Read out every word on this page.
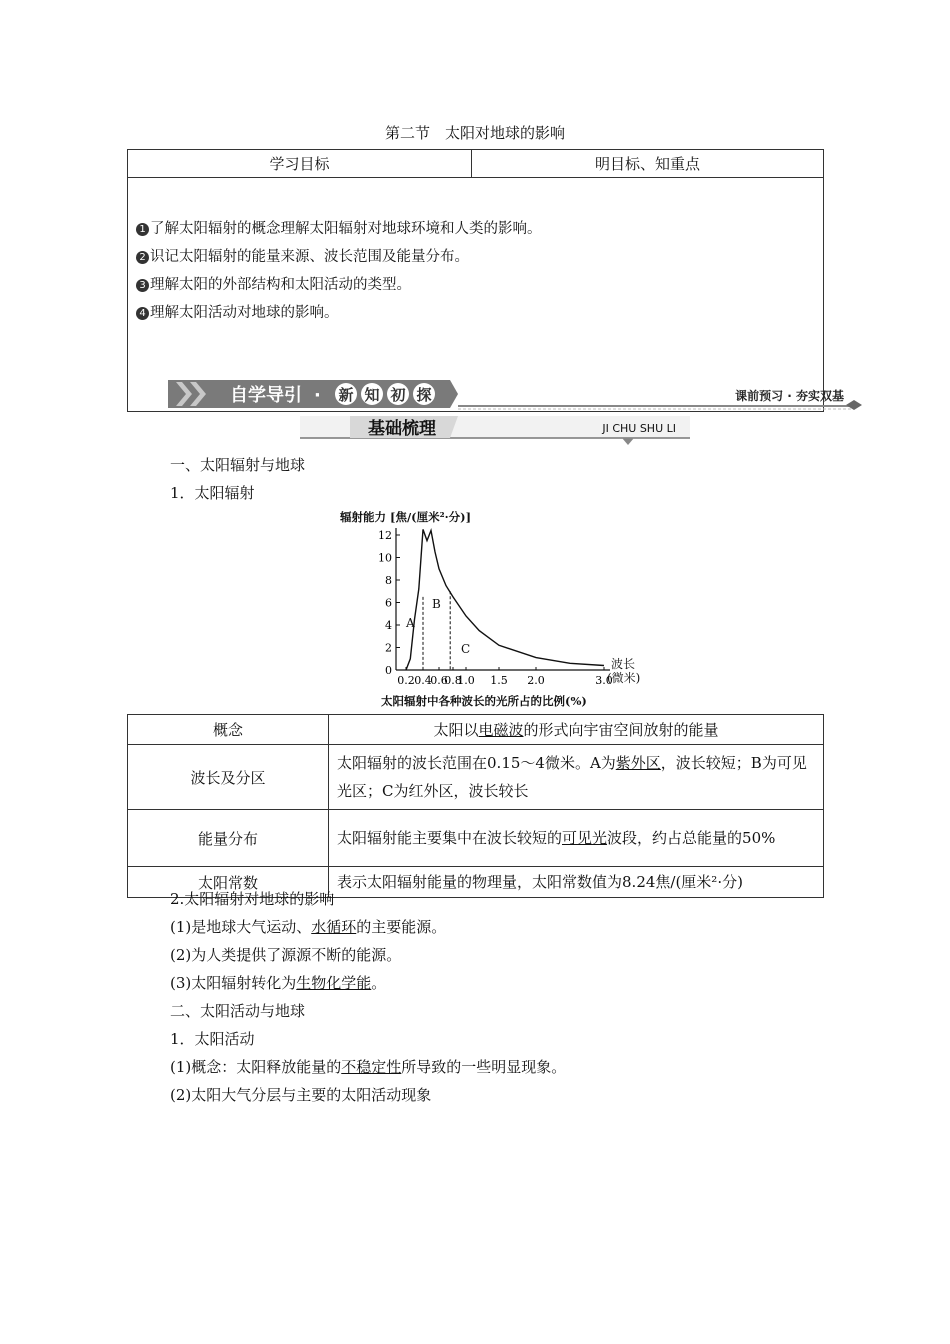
第二节　太阳对地球的影响
学习目标	明目标、知重点

1 了解太阳辐射的概念理解太阳辐射对地球环境和人类的影响。
2 识记太阳辐射的能量来源、波长范围及能量分布。
3 理解太阳的外部结构和太阳活动的类型。
4 理解太阳活动对地球的影响。
自学导引 · 新 知 初 探	课前预习 · 夯实双基
基础梳理	JI CHU SHU LI
一、太阳辐射与地球
1．太阳辐射
辐射能力 [焦/(厘米²·分)]
0
2
4
6
8
10
12
0.2 0.4
0.6
0.8
1.0 1.5 2.0	3.0
A
B
C
波长
(微米)
太阳辐射中各种波长的光所占的比例(%)
概念	太阳以电磁波的形式向宇宙空间放射的能量
波长及分区	太阳辐射的波长范围在0.15～4微米。A为紫外区，波长较短；B为可见光区；C为红外区，波长较长
能量分布	太阳辐射能主要集中在波长较短的可见光波段，约占总能量的50%
太阳常数	表示太阳辐射能量的物理量，太阳常数值为8.24焦/(厘米²·分)
2.太阳辐射对地球的影响
(1)是地球大气运动、水循环的主要能源。
(2)为人类提供了源源不断的能源。
(3)太阳辐射转化为生物化学能。
二、太阳活动与地球
1．太阳活动
(1)概念：太阳释放能量的不稳定性所导致的一些明显现象。
(2)太阳大气分层与主要的太阳活动现象
